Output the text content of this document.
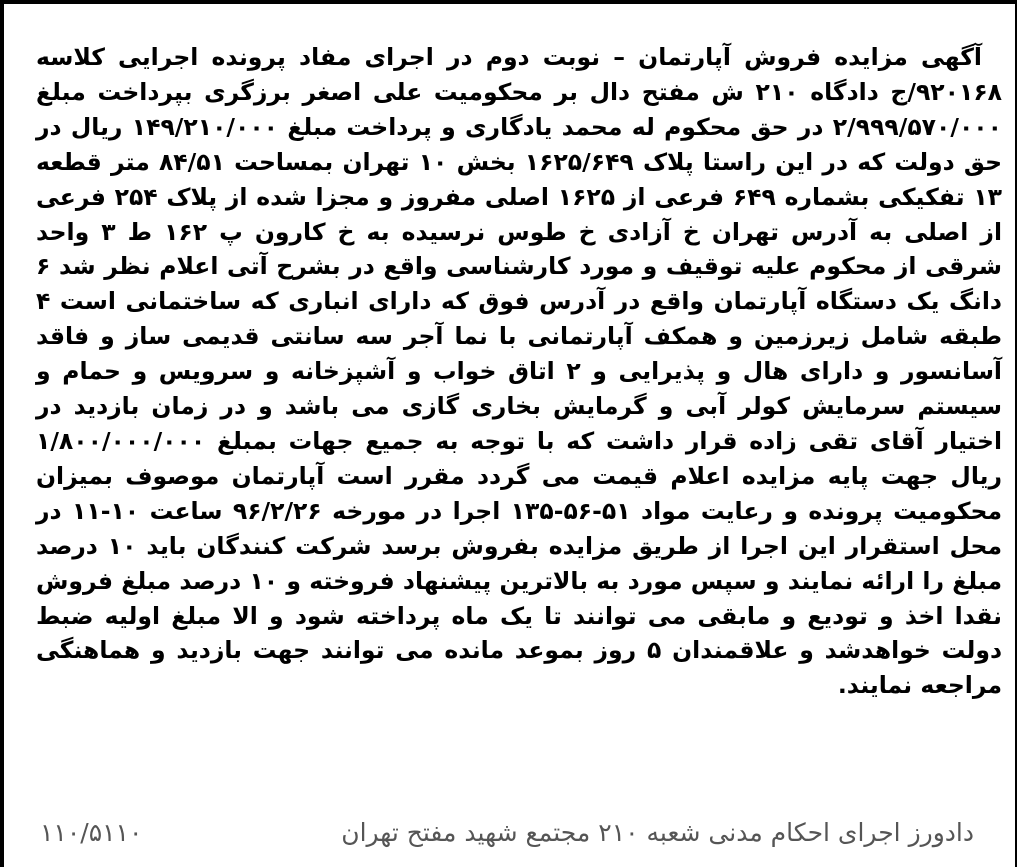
آگهی مزایده فروش آپارتمان – نوبت دوم در اجرای مفاد پرونده اجرایی کلاسه ۹۲۰۱۶۸/ج دادگاه ۲۱۰ ش مفتح دال بر محکومیت علی اصغر برزگری بپرداخت مبلغ ۲/۹۹۹/۵۷۰/۰۰۰ در حق محکوم له محمد یادگاری و پرداخت مبلغ ۱۴۹/۲۱۰/۰۰۰ ریال در حق دولت که در این راستا پلاک ۱۶۲۵/۶۴۹ بخش ۱۰ تهران بمساحت ۸۴/۵۱ متر قطعه ۱۳ تفکیکی بشماره ۶۴۹ فرعی از ۱۶۲۵ اصلی مفروز و مجزا شده از پلاک ۲۵۴ فرعی از اصلی به آدرس تهران خ آزادی خ طوس نرسیده به خ کارون پ ۱۶۲ ط ۳ واحد شرقی از محکوم علیه توقیف و مورد کارشناسی واقع در بشرح آتی اعلام نظر شد ۶ دانگ یک دستگاه آپارتمان واقع در آدرس فوق که دارای انباری که ساختمانی است ۴ طبقه شامل زیرزمین و همکف آپارتمانی با نما آجر سه سانتی قدیمی ساز و فاقد آسانسور و دارای هال و پذیرایی و ۲ اتاق خواب و آشپزخانه و سرویس و حمام و سیستم سرمایش کولر آبی و گرمایش بخاری گازی می باشد و در زمان بازدید در اختیار آقای تقی زاده قرار داشت که با توجه به جمیع جهات بمبلغ ۱/۸۰۰/۰۰۰/۰۰۰ ریال جهت پایه مزایده اعلام قیمت می گردد مقرر است آپارتمان موصوف بمیزان محکومیت پرونده و رعایت مواد ۵۱-۵۶-۱۳۵ اجرا در مورخه ۹۶/۲/۲۶ ساعت ۱۰-۱۱ در محل استقرار این اجرا از طریق مزایده بفروش برسد شرکت کنندگان باید ۱۰ درصد مبلغ را ارائه نمایند و سپس مورد به بالاترین پیشنهاد فروخته و ۱۰ درصد مبلغ فروش نقدا اخذ و تودیع و مابقی می توانند تا یک ماه پرداخته شود و الا مبلغ اولیه ضبط دولت خواهدشد و علاقمندان ۵ روز بموعد مانده می توانند جهت بازدید و هماهنگی مراجعه نمایند.

دادورز اجرای احکام مدنی شعبه ۲۱۰ مجتمع شهید مفتح تهران
۱۱۰/۵۱۱۰
